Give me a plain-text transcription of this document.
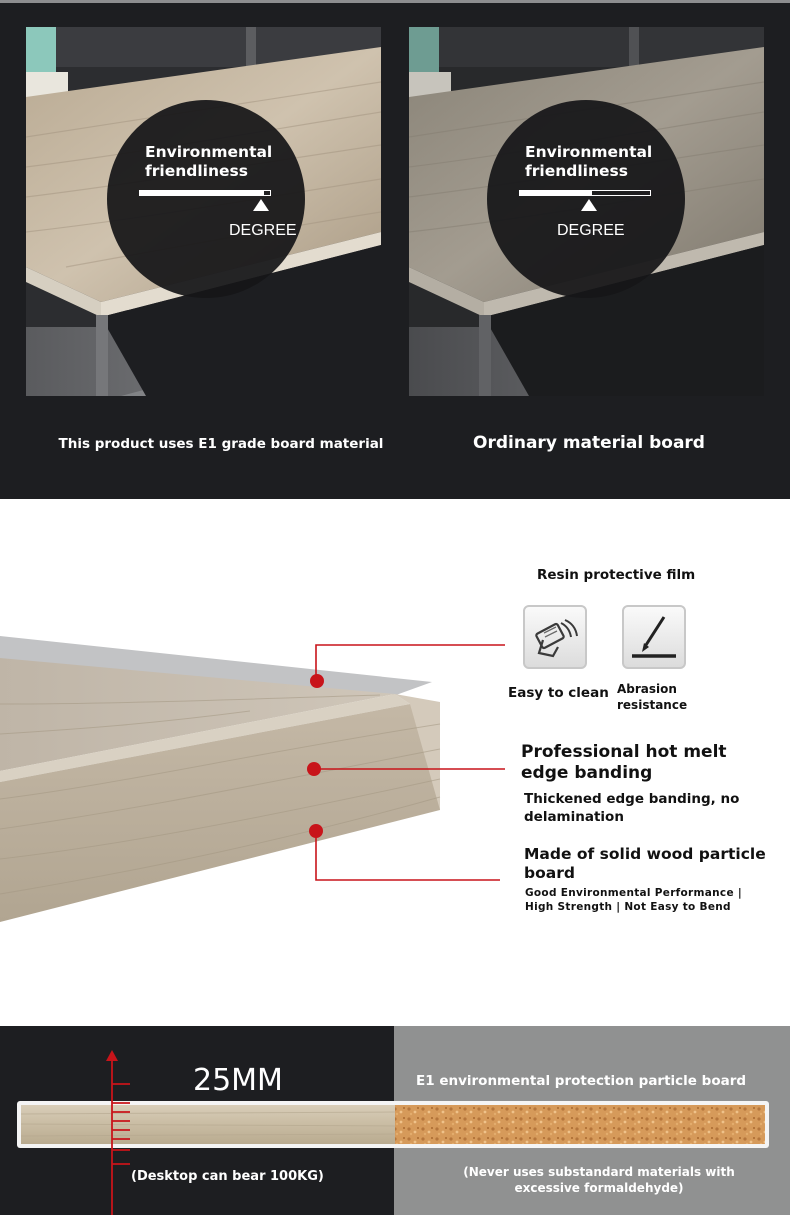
Environmental friendliness
DEGREE
Environmental friendliness
DEGREE
This product uses E1 grade board material	Ordinary material board
Resin protective film
Easy to clean Abrasion resistance
Professional hot melt edge banding
Thickened edge banding, no delamination
Made of solid wood particle board
Good Environmental Performance | High Strength | Not Easy to Bend
25MM	E1 environmental protection particle board
(Desktop can bear 100KG)	(Never uses substandard materials with excessive formaldehyde)
